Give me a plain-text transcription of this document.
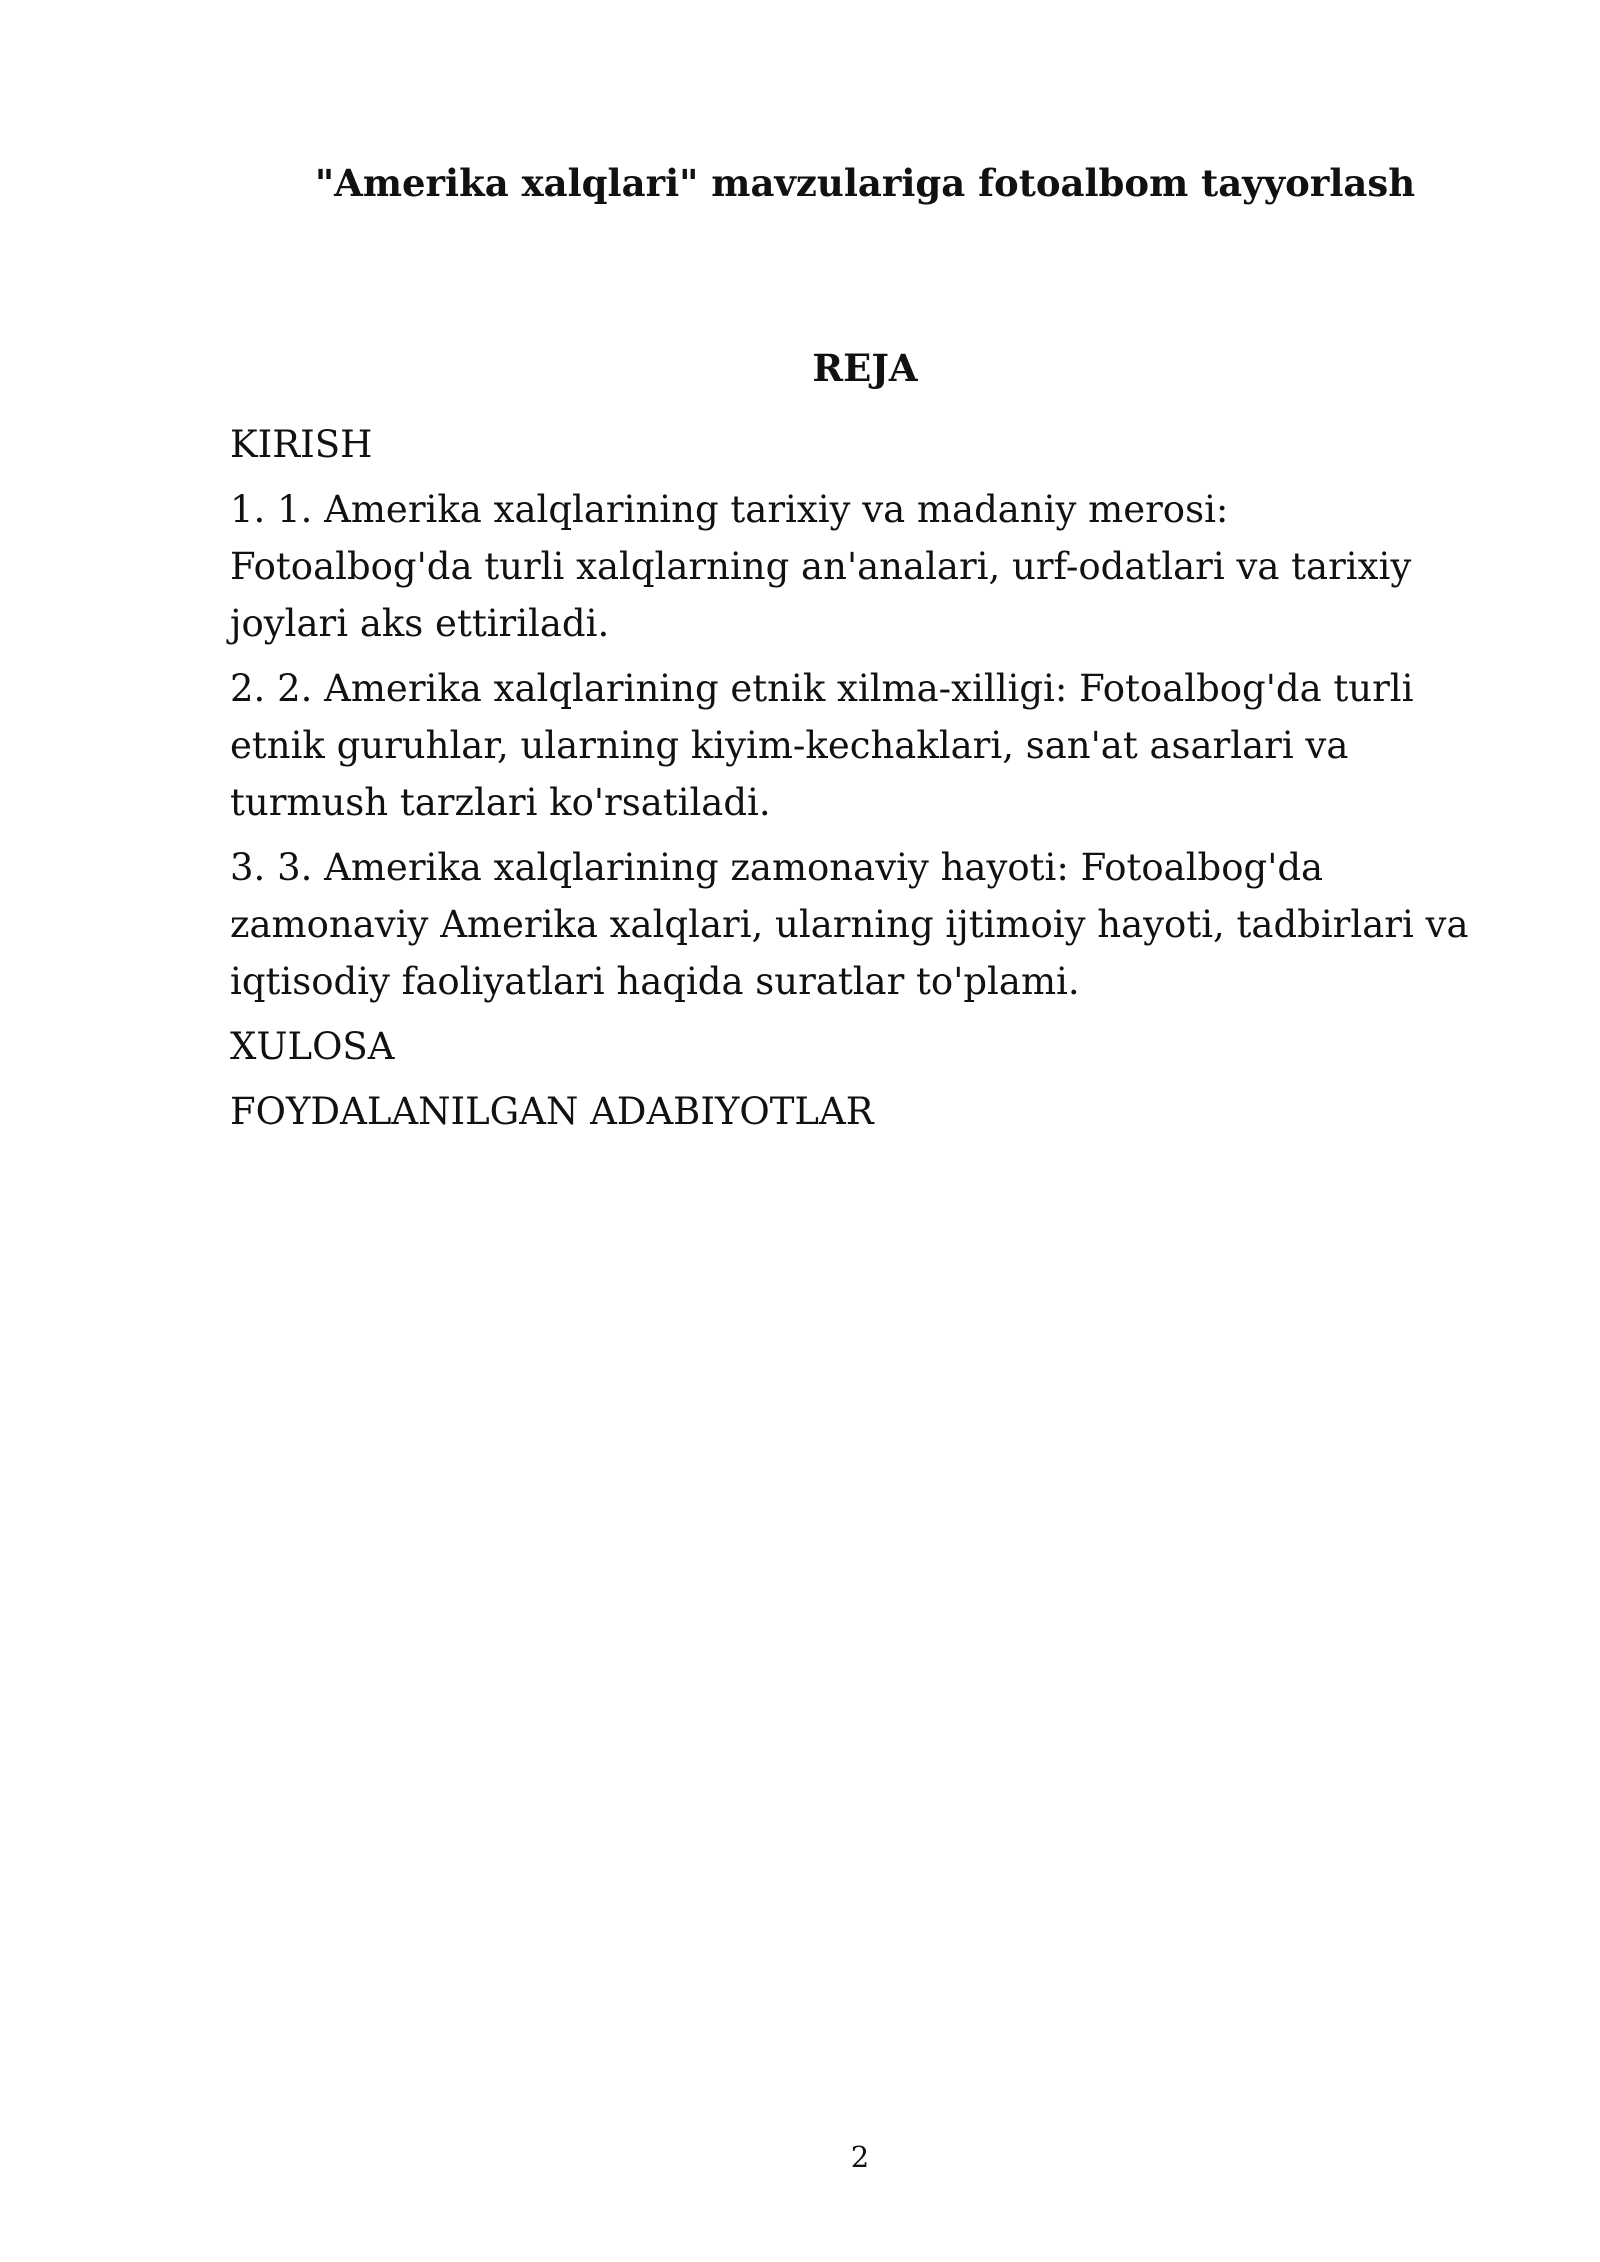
"Amerika xalqlari" mavzulariga fotoalbom tayyorlash
REJA

KIRISH

1. 1. Amerika xalqlarining tarixiy va madaniy merosi: Fotoalbog'da turli xalqlarning an'analari, urf-odatlari va tarixiy joylari aks ettiriladi.

2. 2. Amerika xalqlarining etnik xilma-xilligi: Fotoalbog'da turli etnik guruhlar, ularning kiyim-kechaklari, san'at asarlari va turmush tarzlari ko'rsatiladi.

3. 3. Amerika xalqlarining zamonaviy hayoti: Fotoalbog'da zamonaviy Amerika xalqlari, ularning ijtimoiy hayoti, tadbirlari va iqtisodiy faoliyatlari haqida suratlar to'plami.

XULOSA

FOYDALANILGAN ADABIYOTLAR

2
